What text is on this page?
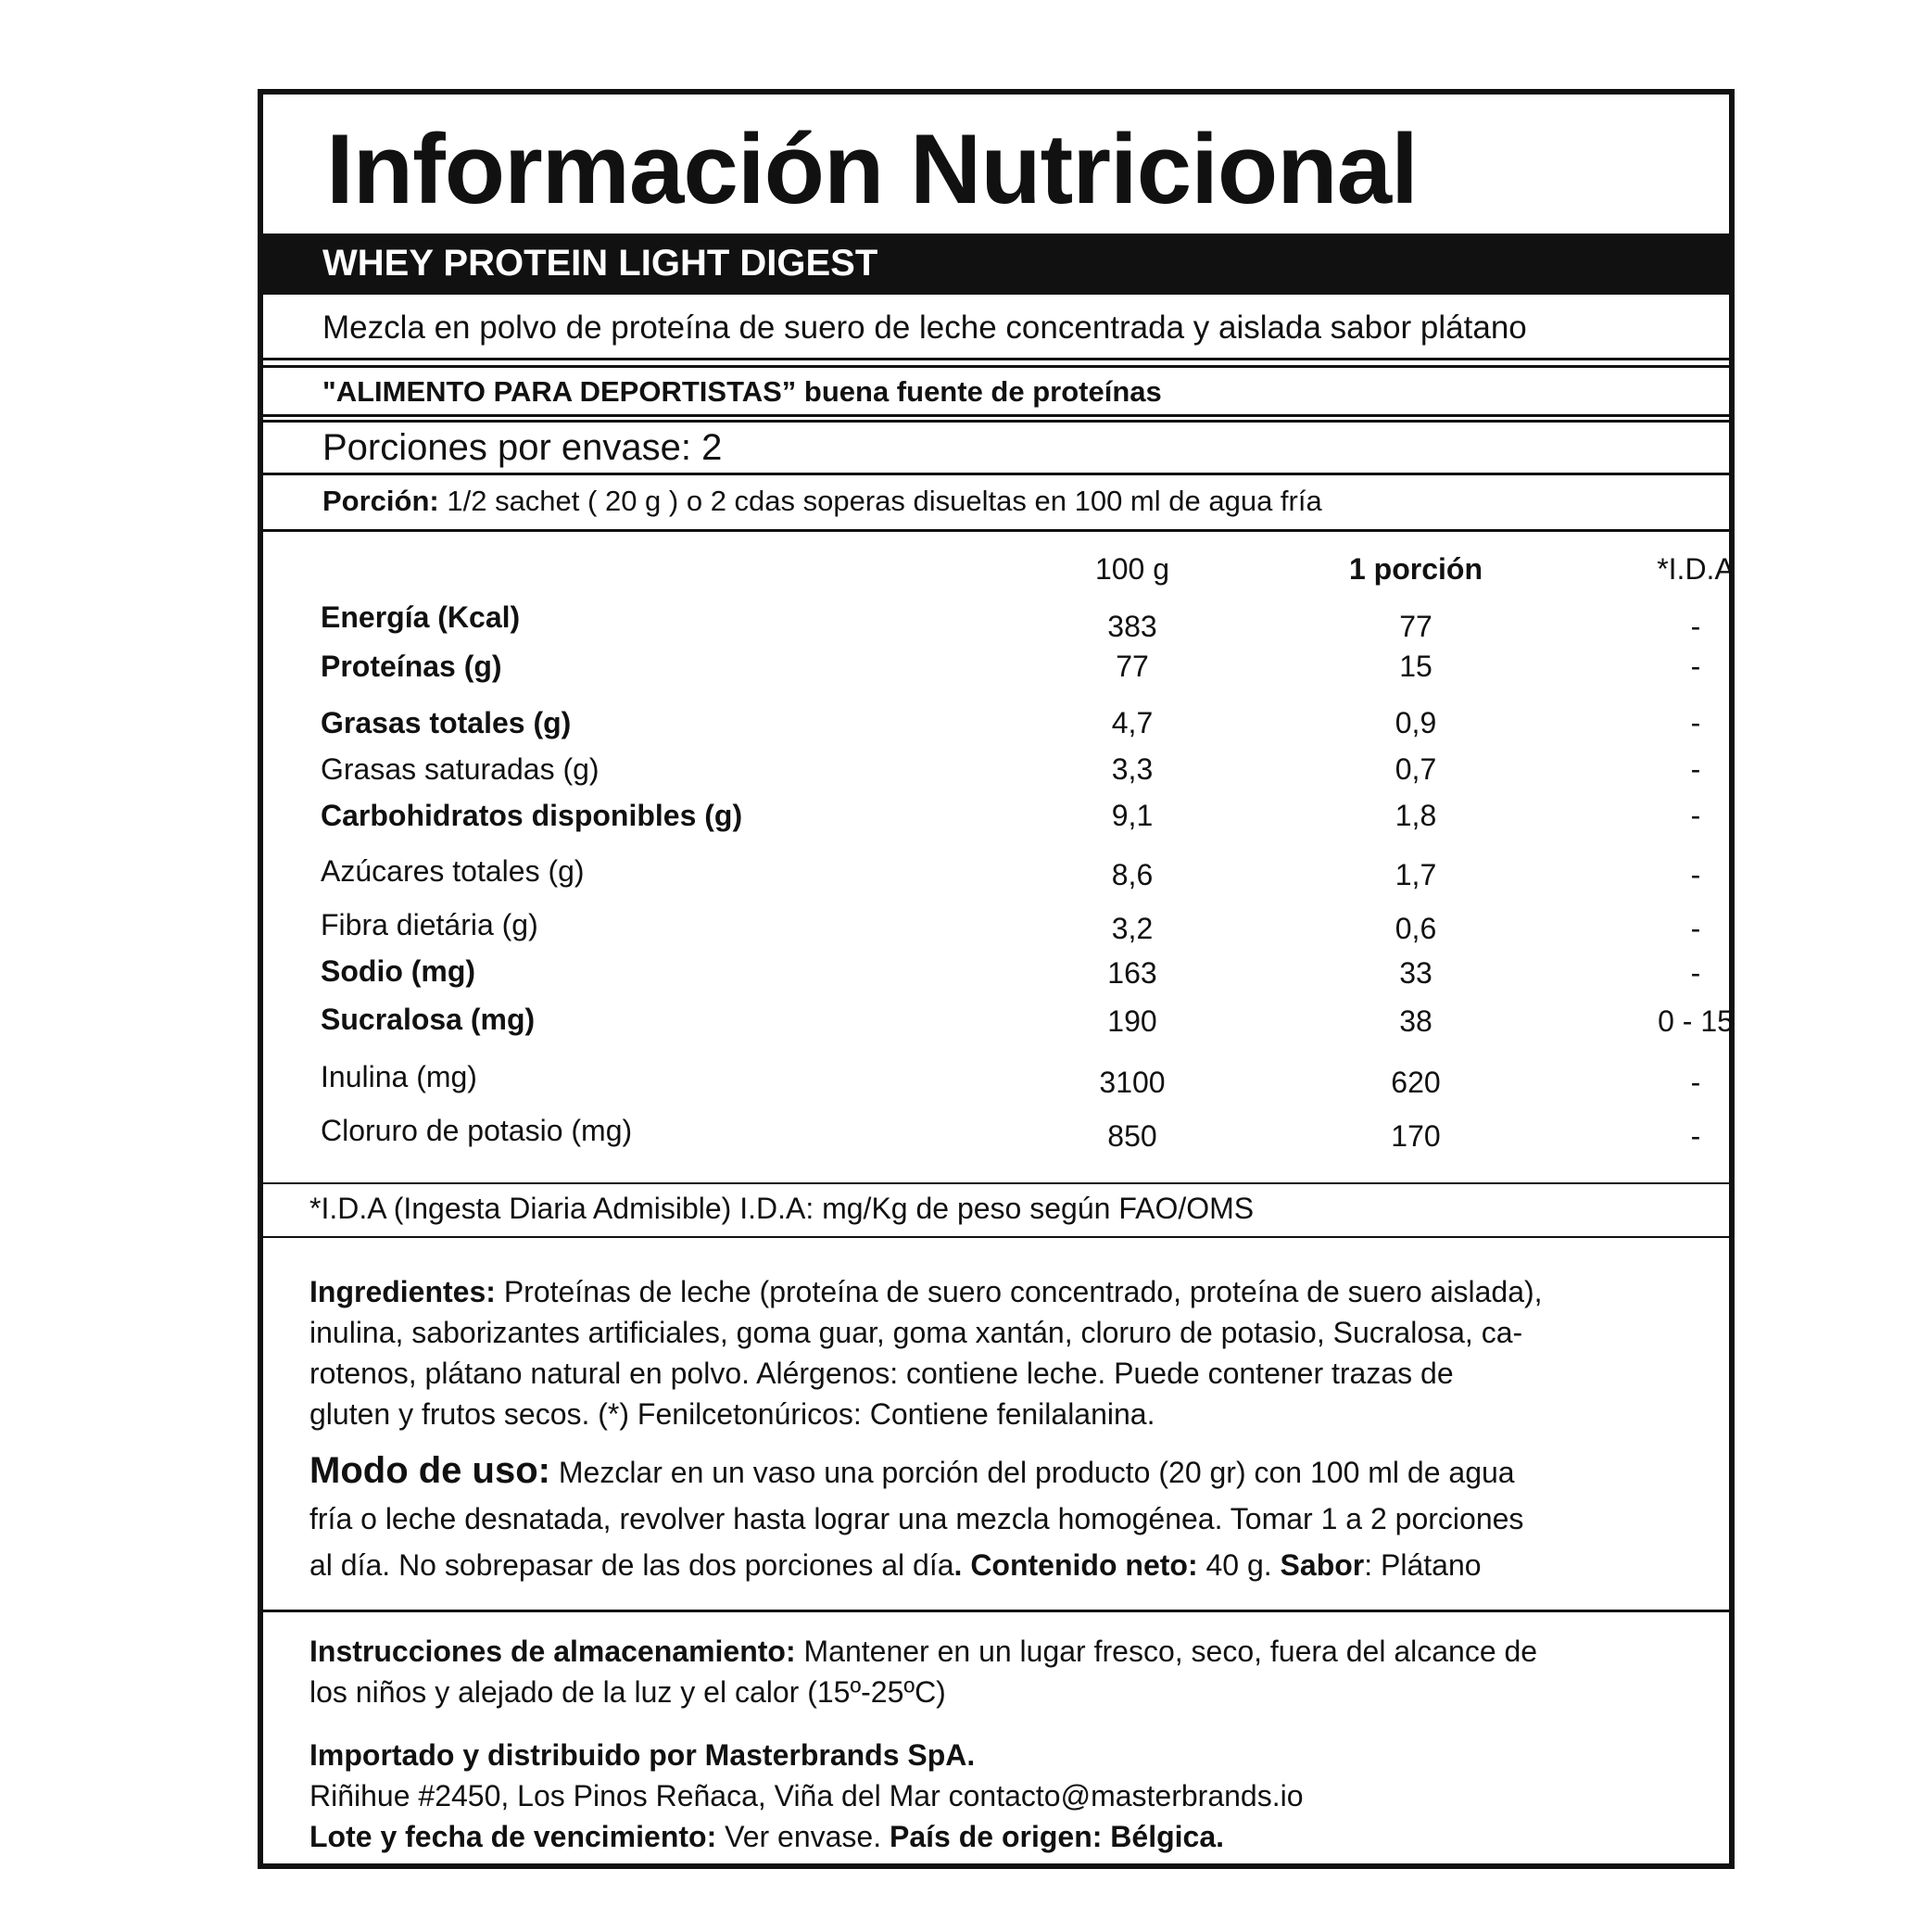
Información Nutricional
WHEY PROTEIN LIGHT DIGEST
Mezcla en polvo de proteína de suero de leche concentrada y aislada sabor plátano
"ALIMENTO PARA DEPORTISTAS” buena fuente de proteínas
Porciones por envase: 2
Porción: 1/2 sachet ( 20 g ) o 2 cdas soperas disueltas en 100 ml de agua fría
100 g	1 porción	*I.D.A
Energía (Kcal)	383	77	-
Proteínas (g)	77	15	-
Grasas totales (g)	4,7	0,9	-
Grasas saturadas (g)	3,3	0,7	-
Carbohidratos disponibles (g)	9,1	1,8	-
Azúcares totales (g)	8,6	1,7	-
Fibra dietária (g)	3,2	0,6	-
Sodio (mg)	163	33	-
Sucralosa (mg)	190	38	0 - 15
Inulina (mg)	3100	620	-
Cloruro de potasio (mg)	850	170	-
*I.D.A (Ingesta Diaria Admisible) I.D.A: mg/Kg de peso según FAO/OMS
Ingredientes: Proteínas de leche (proteína de suero concentrado, proteína de suero aislada),
inulina, saborizantes artificiales, goma guar, goma xantán, cloruro de potasio, Sucralosa, ca-
rotenos, plátano natural en polvo. Alérgenos: contiene leche. Puede contener trazas de
gluten y frutos secos. (*) Fenilcetonúricos: Contiene fenilalanina.
Modo de uso: Mezclar en un vaso una porción del producto (20 gr) con 100 ml de agua
fría o leche desnatada, revolver hasta lograr una mezcla homogénea. Tomar 1 a 2 porciones
al día. No sobrepasar de las dos porciones al día. Contenido neto: 40 g. Sabor: Plátano
Instrucciones de almacenamiento: Mantener en un lugar fresco, seco, fuera del alcance de
los niños y alejado de la luz y el calor (15º-25ºC)
Importado y distribuido por Masterbrands SpA.
Riñihue #2450, Los Pinos Reñaca, Viña del Mar contacto@masterbrands.io
Lote y fecha de vencimiento: Ver envase. País de origen: Bélgica.
